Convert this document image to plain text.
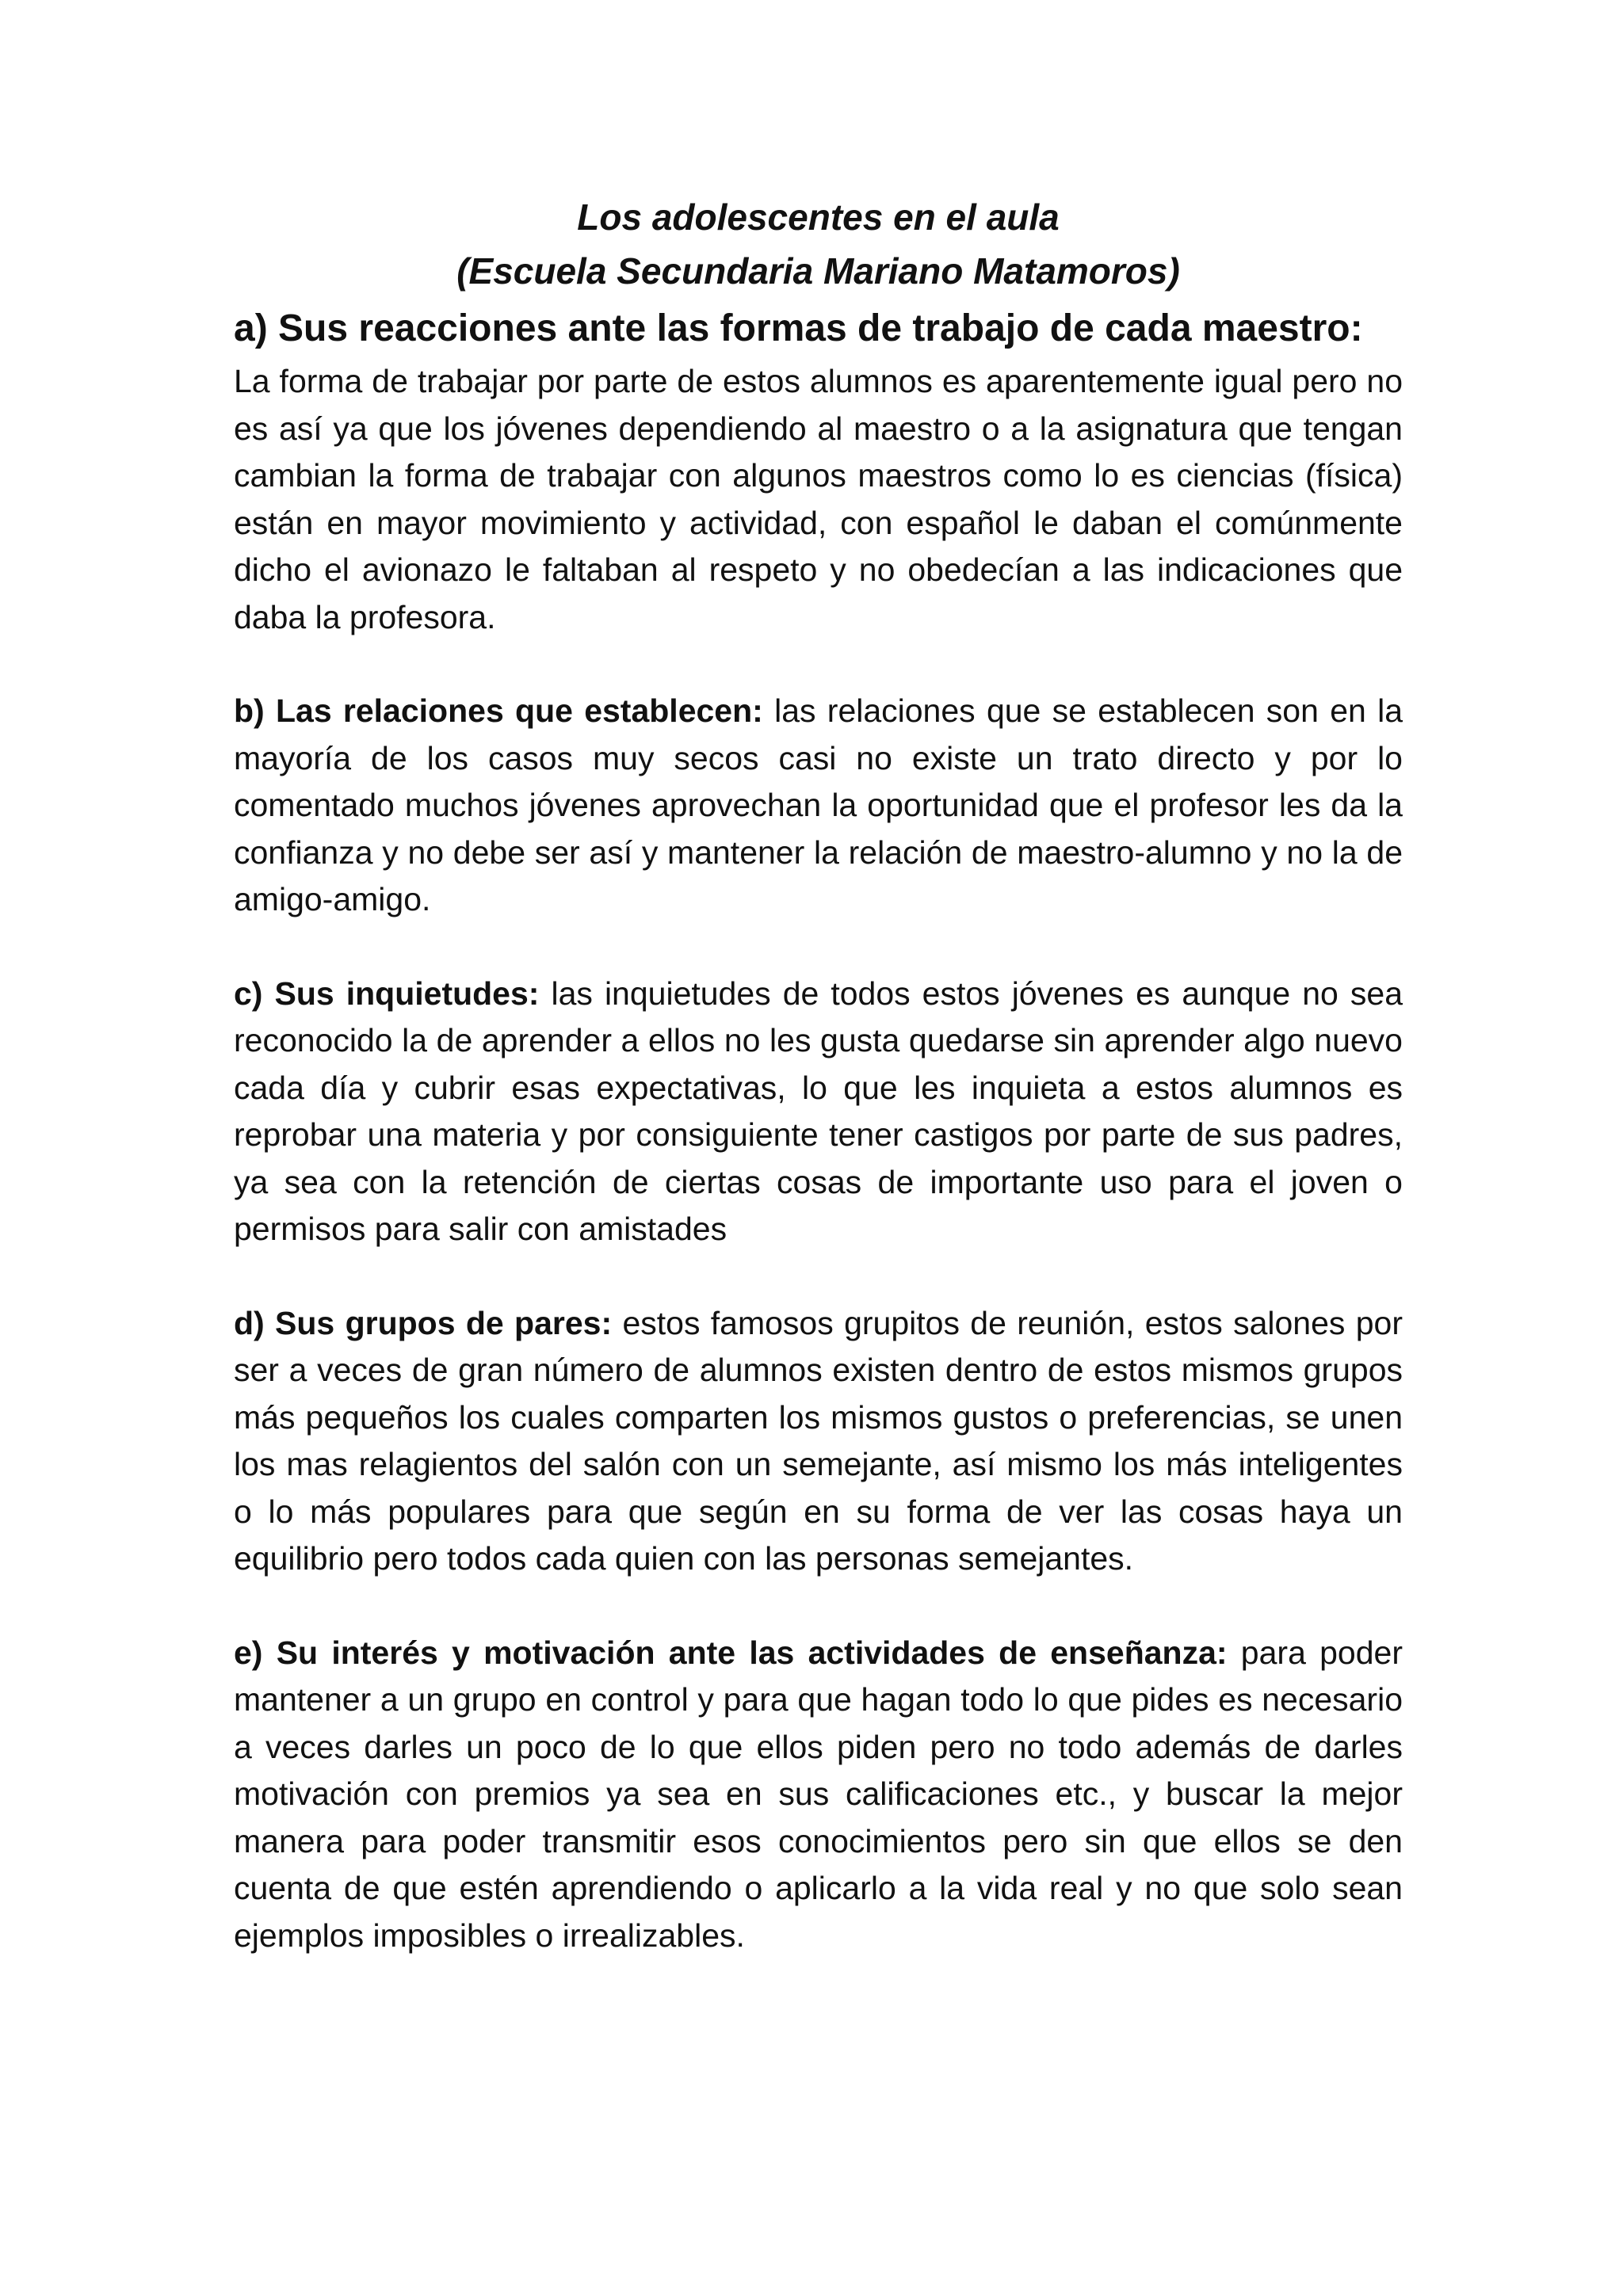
Los adolescentes en el aula
(Escuela Secundaria Mariano Matamoros)
a) Sus reacciones ante las formas de trabajo de cada maestro:

La forma de trabajar por parte de estos alumnos es aparentemente igual pero no es así ya que los jóvenes dependiendo al maestro o a la asignatura que tengan cambian la forma de trabajar con algunos maestros como lo es ciencias (física) están en mayor movimiento y actividad, con español le daban el comúnmente dicho el avionazo le faltaban al respeto y no obedecían a las indicaciones que daba la profesora.

b) Las relaciones que establecen: las relaciones que se establecen son en la mayoría de los casos muy secos casi no existe un trato directo y por lo comentado muchos jóvenes aprovechan la oportunidad que el profesor les da la confianza y no debe ser así y mantener la relación de maestro-alumno y no la de amigo-amigo.

c) Sus inquietudes: las inquietudes de todos estos jóvenes es aunque no sea reconocido la de aprender a ellos no les gusta quedarse sin aprender algo nuevo cada día y cubrir esas expectativas, lo que les inquieta a estos alumnos es reprobar una materia y por consiguiente tener castigos por parte de sus padres, ya sea con la retención de ciertas cosas de importante uso para el joven o permisos para salir con amistades

d) Sus grupos de pares: estos famosos grupitos de reunión, estos salones por ser a veces de gran número de alumnos existen dentro de estos mismos grupos más pequeños los cuales comparten los mismos gustos o preferencias, se unen los mas relagientos del salón con un semejante, así mismo los más inteligentes o lo más populares para que según en su forma de ver las cosas haya un equilibrio pero todos cada quien con las personas semejantes.

e) Su interés y motivación ante las actividades de enseñanza: para poder mantener a un grupo en control y para que hagan todo lo que pides es necesario a veces darles un poco de lo que ellos piden pero no todo además de darles motivación con premios ya sea en sus calificaciones etc., y buscar la mejor manera para poder transmitir esos conocimientos pero sin que ellos se den cuenta de que estén aprendiendo o aplicarlo a la vida real y no que solo sean ejemplos imposibles o irrealizables.
